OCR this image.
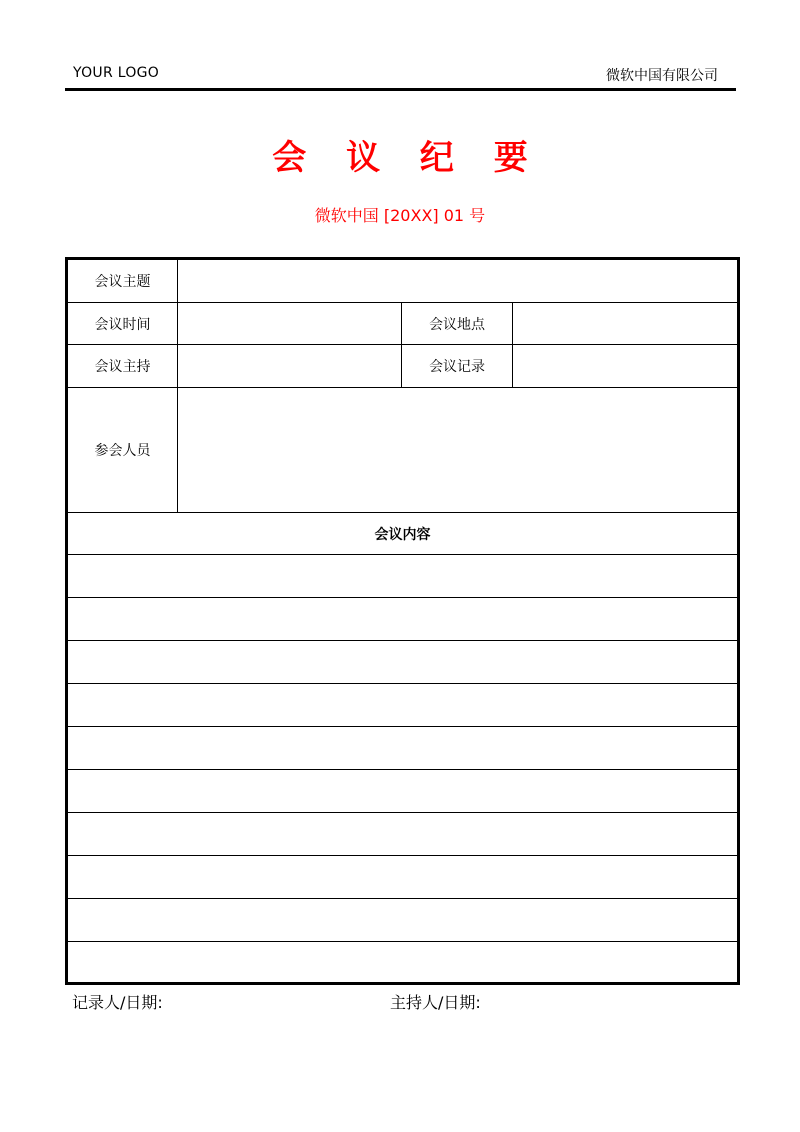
YOUR LOGO	微软中国有限公司
会 议 纪 要
微软中国 [20XX] 01 号
会议主题			
会议时间		会议地点	
会议主持		会议记录	
参会人员			
会议内容			

记录人/日期:	主持人/日期:
